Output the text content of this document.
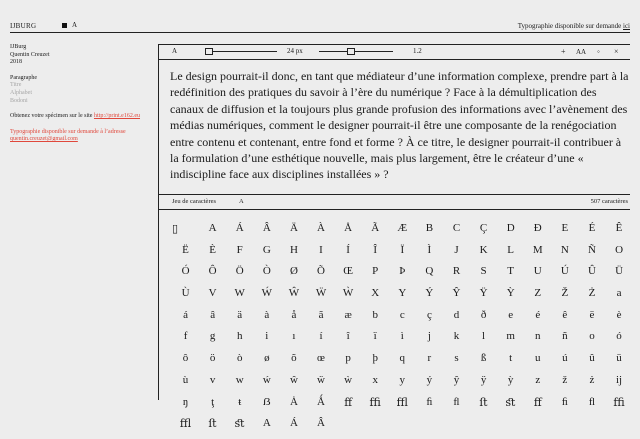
IJBURG	A	Typographie disponible sur demande ici
IJBurg
Quentin Creuzet
2018
Paragraphe
Titre
Alphabet
Bodoni
Obtenez votre spécimen sur le site http://print.e162.eu
Typographie disponible sur demande à l’adresse
quentin.creuzet@gmail.com
A	24 px	1.2	+ AA ◦ ×

Le design pourrait-il donc, en tant que médiateur d’une information complexe, prendre part à la redéfinition des pratiques du savoir à l’ère du numérique ? Face à la démultiplication des canaux de diffusion et la toujours plus grande profusion des informations avec l’avènement des médias numériques, comment le designer pourrait-il être une composante de la renégociation entre contenu et contenant, entre fond et forme ? À ce titre, le designer pourrait-il contribuer à la formulation d’une esthétique nouvelle, mais plus largement, être le créateur d’une « indiscipline face aux disciplines installées » ?

Jeu de caractères	A	507 caractères
▯	A	Á	Â	Ä	À	Å	Ã	Æ	B	C	Ç	D	Đ	E	É	Ê
Ë	È	F	G	H	I	Í	Î	Ï	Ì	J	K	L	M	N	Ñ	O
Ó	Ô	Ö	Ò	Ø	Õ	Œ	P	Þ	Q	R	S	T	U	Ú	Û	Ü
Ù	V	W	Ẃ	Ŵ	Ẅ	Ẁ	X	Y	Ý	Ŷ	Ÿ	Ỳ	Z	Ž	Ż	a
á	â	ä	à	å	ã	æ	b	c	ç	d	ð	e	é	ê	ë	è
f	g	h	i	ı	í	î	ï	ì	j	k	l	m	n	ñ	o	ó
ô	ö	ò	ø	õ	œ	p	þ	q	r	s	ß	t	u	ú	û	ü
ù	v	w	ẃ	ŵ	ẅ	ẁ	x	y	ý	ŷ	ÿ	ỳ	z	ž	ż	ij
ŋ	ţ	ŧ	ẞ	Ȧ	Ǻ	ﬀ	ﬃ	ﬄ	ﬁ	ﬂ	ﬅ	ﬆ	ﬀ	ﬁ	ﬂ	ﬃ
ﬄ	ﬅ	ﬆ	A	Á	Â
